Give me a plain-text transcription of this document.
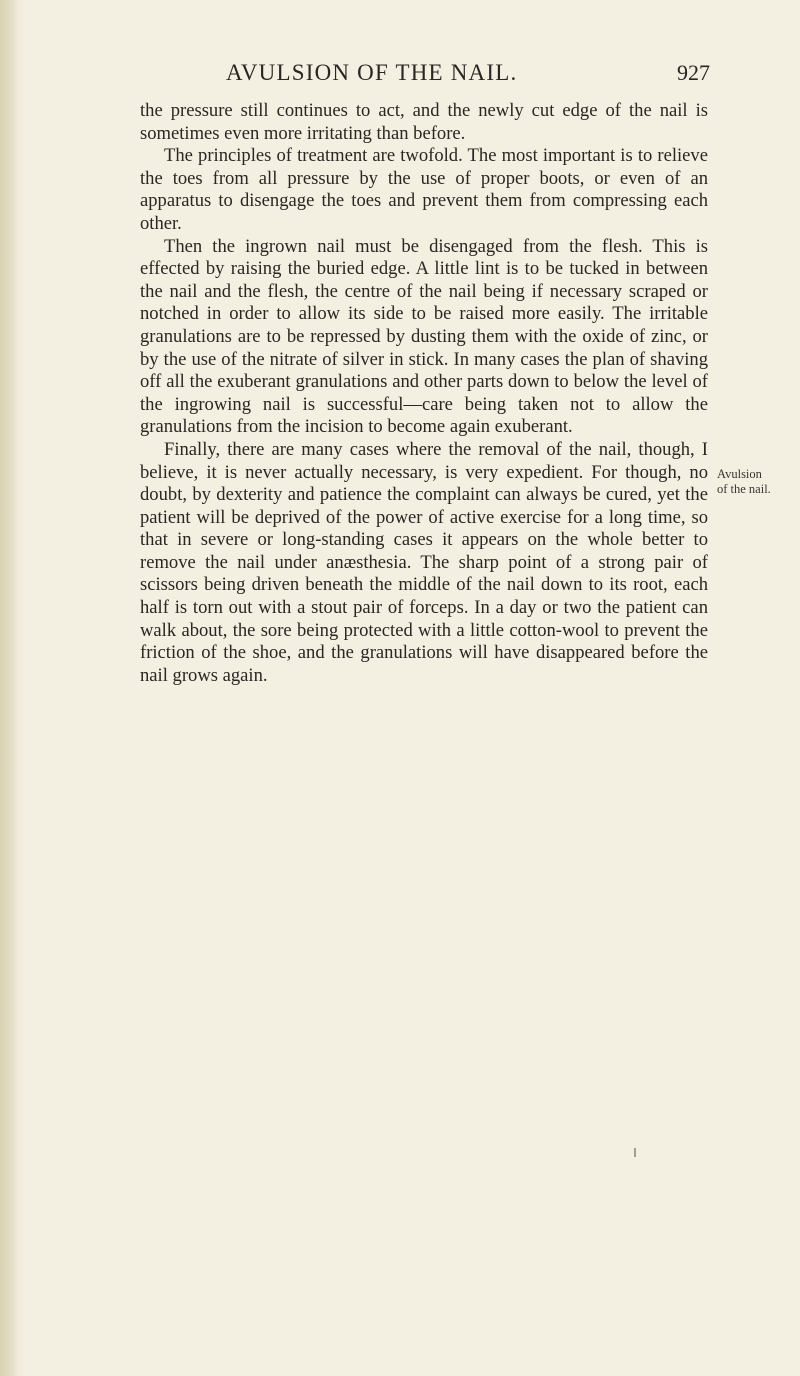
AVULSION OF THE NAIL.	927

the pressure still continues to act, and the newly cut edge of the nail is sometimes even more irritating than before.

The principles of treatment are twofold. The most important is to relieve the toes from all pressure by the use of proper boots, or even of an apparatus to disengage the toes and prevent them from compressing each other.

Then the ingrown nail must be disengaged from the flesh. This is effected by raising the buried edge. A little lint is to be tucked in between the nail and the flesh, the centre of the nail being if necessary scraped or notched in order to allow its side to be raised more easily. The irritable granulations are to be repressed by dusting them with the oxide of zinc, or by the use of the nitrate of silver in stick. In many cases the plan of shaving off all the exuberant granulations and other parts down to below the level of the ingrowing nail is successful—care being taken not to allow the granulations from the incision to become again exuberant.

Finally, there are many cases where the removal of the nail, though, I believe, it is never actually necessary, is very expedient. For though, no doubt, by dexterity and patience the complaint can always be cured, yet the patient will be deprived of the power of active exercise for a long time, so that in severe or long-standing cases it appears on the whole better to remove the nail under anæsthesia. The sharp point of a strong pair of scissors being driven beneath the middle of the nail down to its root, each half is torn out with a stout pair of forceps. In a day or two the patient can walk about, the sore being protected with a little cotton-wool to prevent the friction of the shoe, and the granulations will have disappeared before the nail grows again.

Avulsion
of the nail.
